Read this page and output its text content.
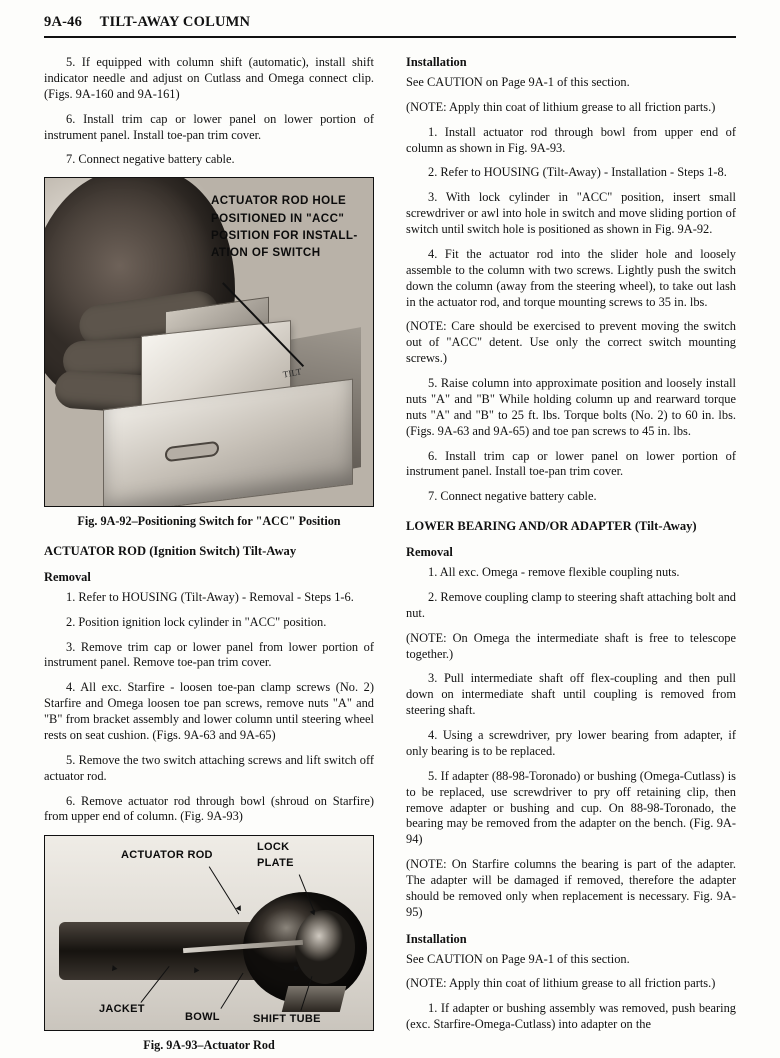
9A-46 TILT-AWAY COLUMN

5. If equipped with column shift (automatic), install shift indicator needle and adjust on Cutlass and Omega connect clip. (Figs. 9A-160 and 9A-161)

6. Install trim cap or lower panel on lower portion of instrument panel. Install toe-pan trim cover.

7. Connect negative battery cable.

TILT
ACTUATOR ROD HOLE
POSITIONED IN "ACC"
POSITION FOR INSTALL-
ATION OF SWITCH
Fig. 9A-92–Positioning Switch for "ACC" Position
ACTUATOR ROD (Ignition Switch) Tilt-Away
Removal

1. Refer to HOUSING (Tilt-Away) - Removal - Steps 1-6.

2. Position ignition lock cylinder in "ACC" position.

3. Remove trim cap or lower panel from lower portion of instrument panel. Remove toe-pan trim cover.

4. All exc. Starfire - loosen toe-pan clamp screws (No. 2) Starfire and Omega loosen toe pan screws, remove nuts "A" and "B" from bracket assembly and lower column until steering wheel rests on seat cushion. (Figs. 9A-63 and 9A-65)

5. Remove the two switch attaching screws and lift switch off actuator rod.

6. Remove actuator rod through bowl (shroud on Starfire) from upper end of column. (Fig. 9A-93)

ACTUATOR ROD
LOCK
PLATE
JACKET
BOWL	SHIFT TUBE
Fig. 9A-93–Actuator Rod
Installation

See CAUTION on Page 9A-1 of this section.

(NOTE: Apply thin coat of lithium grease to all friction parts.)

1. Install actuator rod through bowl from upper end of column as shown in Fig. 9A-93.

2. Refer to HOUSING (Tilt-Away) - Installation - Steps 1-8.

3. With lock cylinder in "ACC" position, insert small screwdriver or awl into hole in switch and move sliding portion of switch until switch hole is positioned as shown in Fig. 9A-92.

4. Fit the actuator rod into the slider hole and loosely assemble to the column with two screws. Lightly push the switch down the column (away from the steering wheel), to take out lash in the actuator rod, and torque mounting screws to 35 in. lbs.

(NOTE: Care should be exercised to prevent moving the switch out of "ACC" detent. Use only the correct switch mounting screws.)

5. Raise column into approximate position and loosely install nuts "A" and "B" While holding column up and rearward torque nuts "A" and "B" to 25 ft. lbs. Torque bolts (No. 2) to 60 in. lbs. (Figs. 9A-63 and 9A-65) and toe pan screws to 45 in. lbs.

6. Install trim cap or lower panel on lower portion of instrument panel. Install toe-pan trim cover.

7. Connect negative battery cable.

LOWER BEARING AND/OR ADAPTER (Tilt-Away)
Removal

1. All exc. Omega - remove flexible coupling nuts.

2. Remove coupling clamp to steering shaft attaching bolt and nut.

(NOTE: On Omega the intermediate shaft is free to telescope together.)

3. Pull intermediate shaft off flex-coupling and then pull down on intermediate shaft until coupling is removed from steering shaft.

4. Using a screwdriver, pry lower bearing from adapter, if only bearing is to be replaced.

5. If adapter (88-98-Toronado) or bushing (Omega-Cutlass) is to be replaced, use screwdriver to pry off retaining clip, then remove adapter or bushing and cup. On 88-98-Toronado, the bearing may be removed from the adapter on the bench. (Fig. 9A-94)

(NOTE: On Starfire columns the bearing is part of the adapter. The adapter will be damaged if removed, therefore the adapter should be removed only when replacement is necessary. Fig. 9A-95)

Installation

See CAUTION on Page 9A-1 of this section.

(NOTE: Apply thin coat of lithium grease to all friction parts.)

1. If adapter or bushing assembly was removed, push bearing (exc. Starfire-Omega-Cutlass) into adapter on the
